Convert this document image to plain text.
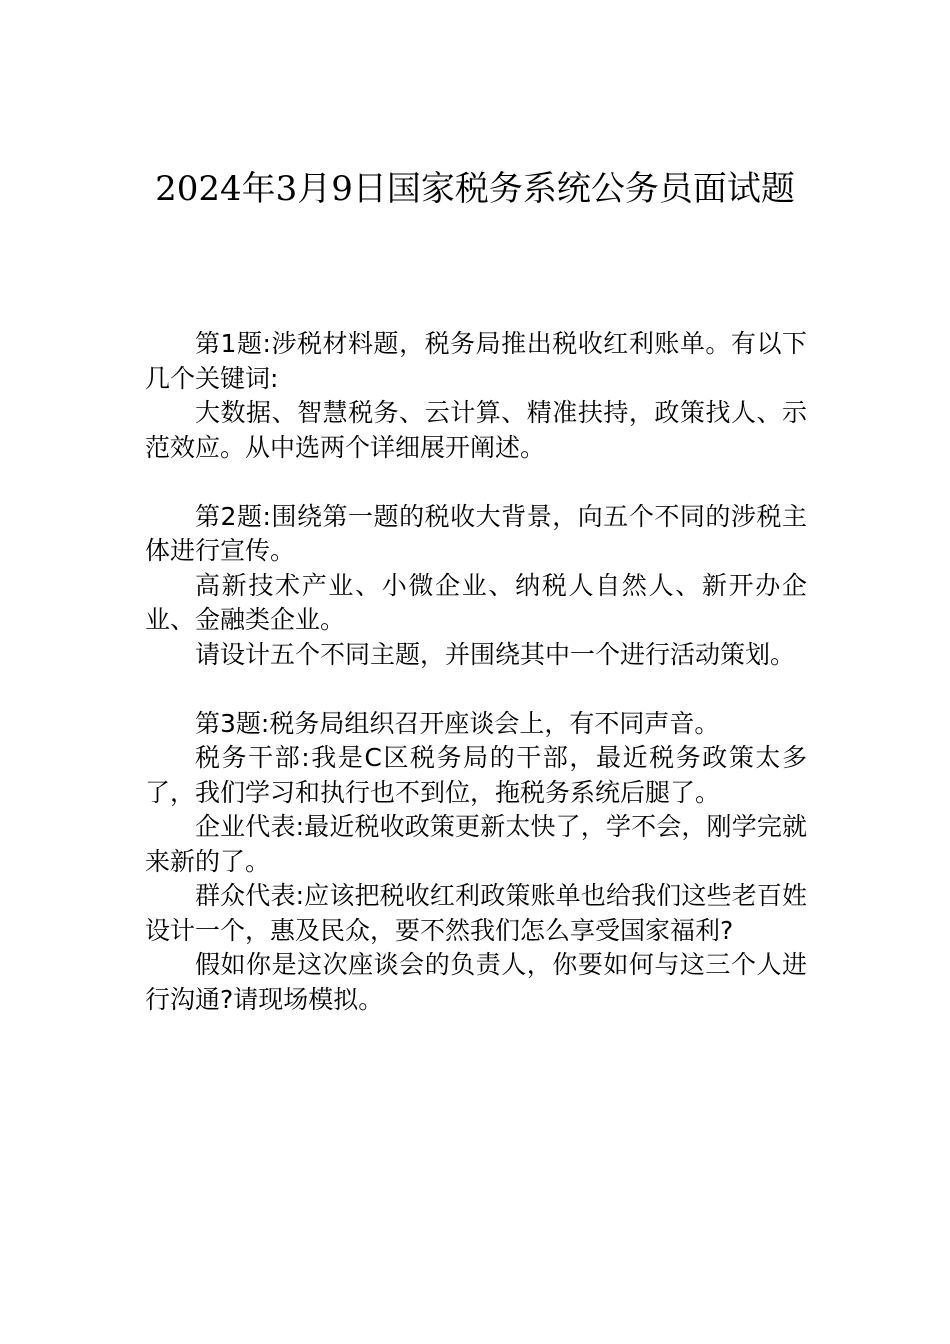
2024年3月9日国家税务系统公务员面试题

第1题:涉税材料题，税务局推出税收红利账单。有以下几个关键词:

大数据、智慧税务、云计算、精准扶持，政策找人、示范效应。从中选两个详细展开阐述。

第2题:围绕第一题的税收大背景，向五个不同的涉税主体进行宣传。

高新技术产业、小微企业、纳税人自然人、新开办企业、金融类企业。

请设计五个不同主题，并围绕其中一个进行活动策划。

第3题:税务局组织召开座谈会上，有不同声音。

税务干部:我是C区税务局的干部，最近税务政策太多了，我们学习和执行也不到位，拖税务系统后腿了。

企业代表:最近税收政策更新太快了，学不会，刚学完就来新的了。

群众代表:应该把税收红利政策账单也给我们这些老百姓设计一个，惠及民众，要不然我们怎么享受国家福利?

假如你是这次座谈会的负责人，你要如何与这三个人进行沟通?请现场模拟。
